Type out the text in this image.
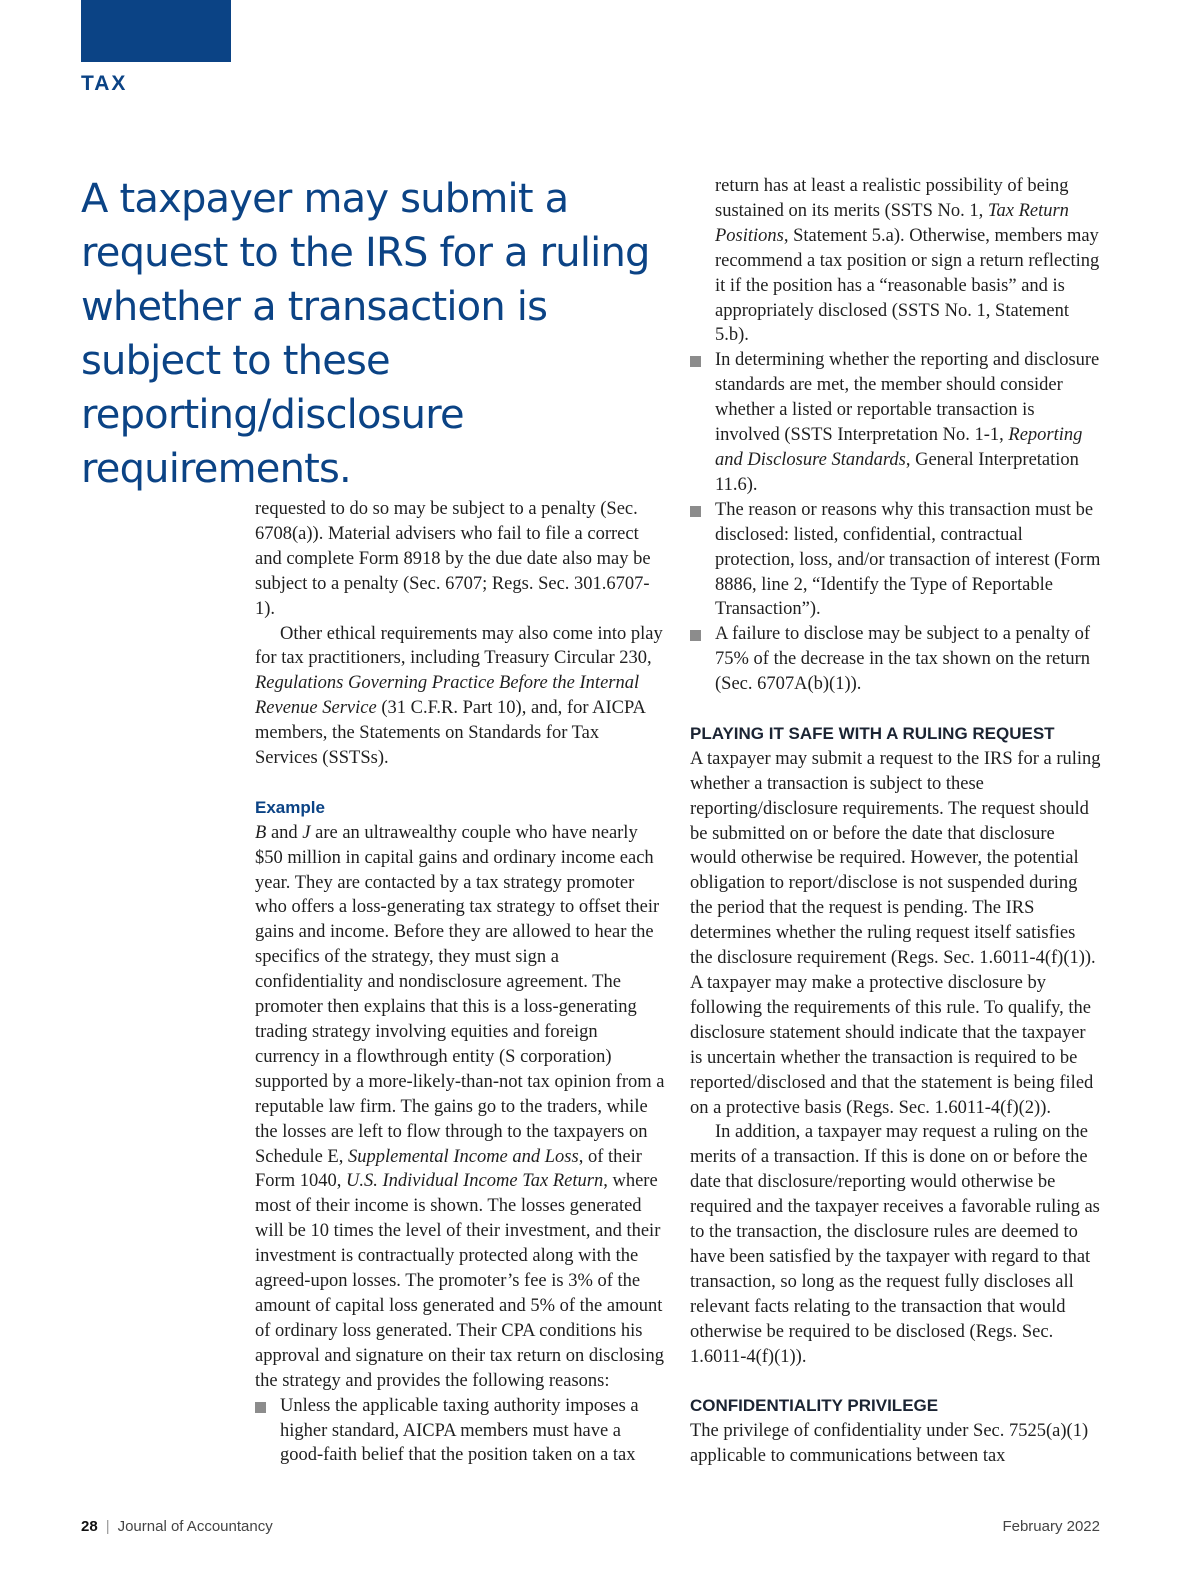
TAX
A taxpayer may submit a request to the IRS for a ruling whether a transaction is subject to these reporting/disclosure requirements.

requested to do so may be subject to a penalty (Sec. 6708(a)). Material advisers who fail to file a correct and complete Form 8918 by the due date also may be subject to a penalty (Sec. 6707; Regs. Sec. 301.6707-1).

Other ethical requirements may also come into play for tax practitioners, including Treasury Circular 230, Regulations Governing Practice Before the Internal Revenue Service (31 C.F.R. Part 10), and, for AICPA members, the Statements on Standards for Tax Services (SSTSs).

Example

B and J are an ultrawealthy couple who have nearly $50 million in capital gains and ordinary income each year. They are contacted by a tax strategy promoter who offers a loss-generating tax strategy to offset their gains and income. Before they are allowed to hear the specifics of the strategy, they must sign a confidentiality and nondisclosure agreement. The promoter then explains that this is a loss-generating trading strategy involving equities and foreign currency in a flowthrough entity (S corporation) supported by a more-likely-than-not tax opinion from a reputable law firm. The gains go to the traders, while the losses are left to flow through to the taxpayers on Schedule E, Supplemental Income and Loss, of their Form 1040, U.S. Individual Income Tax Return, where most of their income is shown. The losses generated will be 10 times the level of their investment, and their investment is contractually protected along with the agreed-upon losses. The promoter’s fee is 3% of the amount of capital loss generated and 5% of the amount of ordinary loss generated. Their CPA conditions his approval and signature on their tax return on disclosing the strategy and provides the following reasons:

Unless the applicable taxing authority imposes a higher standard, AICPA members must have a good-faith belief that the position taken on a tax

return has at least a realistic possibility of being sustained on its merits (SSTS No. 1, Tax Return Positions, Statement 5.a). Otherwise, members may recommend a tax position or sign a return reflecting it if the position has a “reasonable basis” and is appropriately disclosed (SSTS No. 1, Statement 5.b).

In determining whether the reporting and disclosure standards are met, the member should consider whether a listed or reportable transaction is involved (SSTS Interpretation No. 1-1, Reporting and Disclosure Standards, General Interpretation 11.6).
The reason or reasons why this transaction must be disclosed: listed, confidential, contractual protection, loss, and/or transaction of interest (Form 8886, line 2, “Identify the Type of Reportable Transaction”).
A failure to disclose may be subject to a penalty of 75% of the decrease in the tax shown on the return (Sec. 6707A(b)(1)).
PLAYING IT SAFE WITH A RULING REQUEST

A taxpayer may submit a request to the IRS for a ruling whether a transaction is subject to these reporting/disclosure requirements. The request should be submitted on or before the date that disclosure would otherwise be required. However, the potential obligation to report/disclose is not suspended during the period that the request is pending. The IRS determines whether the ruling request itself satisfies the disclosure requirement (Regs. Sec. 1.6011-4(f)(1)). A taxpayer may make a protective disclosure by following the requirements of this rule. To qualify, the disclosure statement should indicate that the taxpayer is uncertain whether the transaction is required to be reported/disclosed and that the statement is being filed on a protective basis (Regs. Sec. 1.6011-4(f)(2)).

In addition, a taxpayer may request a ruling on the merits of a transaction. If this is done on or before the date that disclosure/reporting would otherwise be required and the taxpayer receives a favorable ruling as to the transaction, the disclosure rules are deemed to have been satisfied by the taxpayer with regard to that transaction, so long as the request fully discloses all relevant facts relating to the transaction that would otherwise be required to be disclosed (Regs. Sec. 1.6011-4(f)(1)).

CONFIDENTIALITY PRIVILEGE

The privilege of confidentiality under Sec. 7525(a)(1) applicable to communications between tax

28 | Journal of Accountancy	February 2022
